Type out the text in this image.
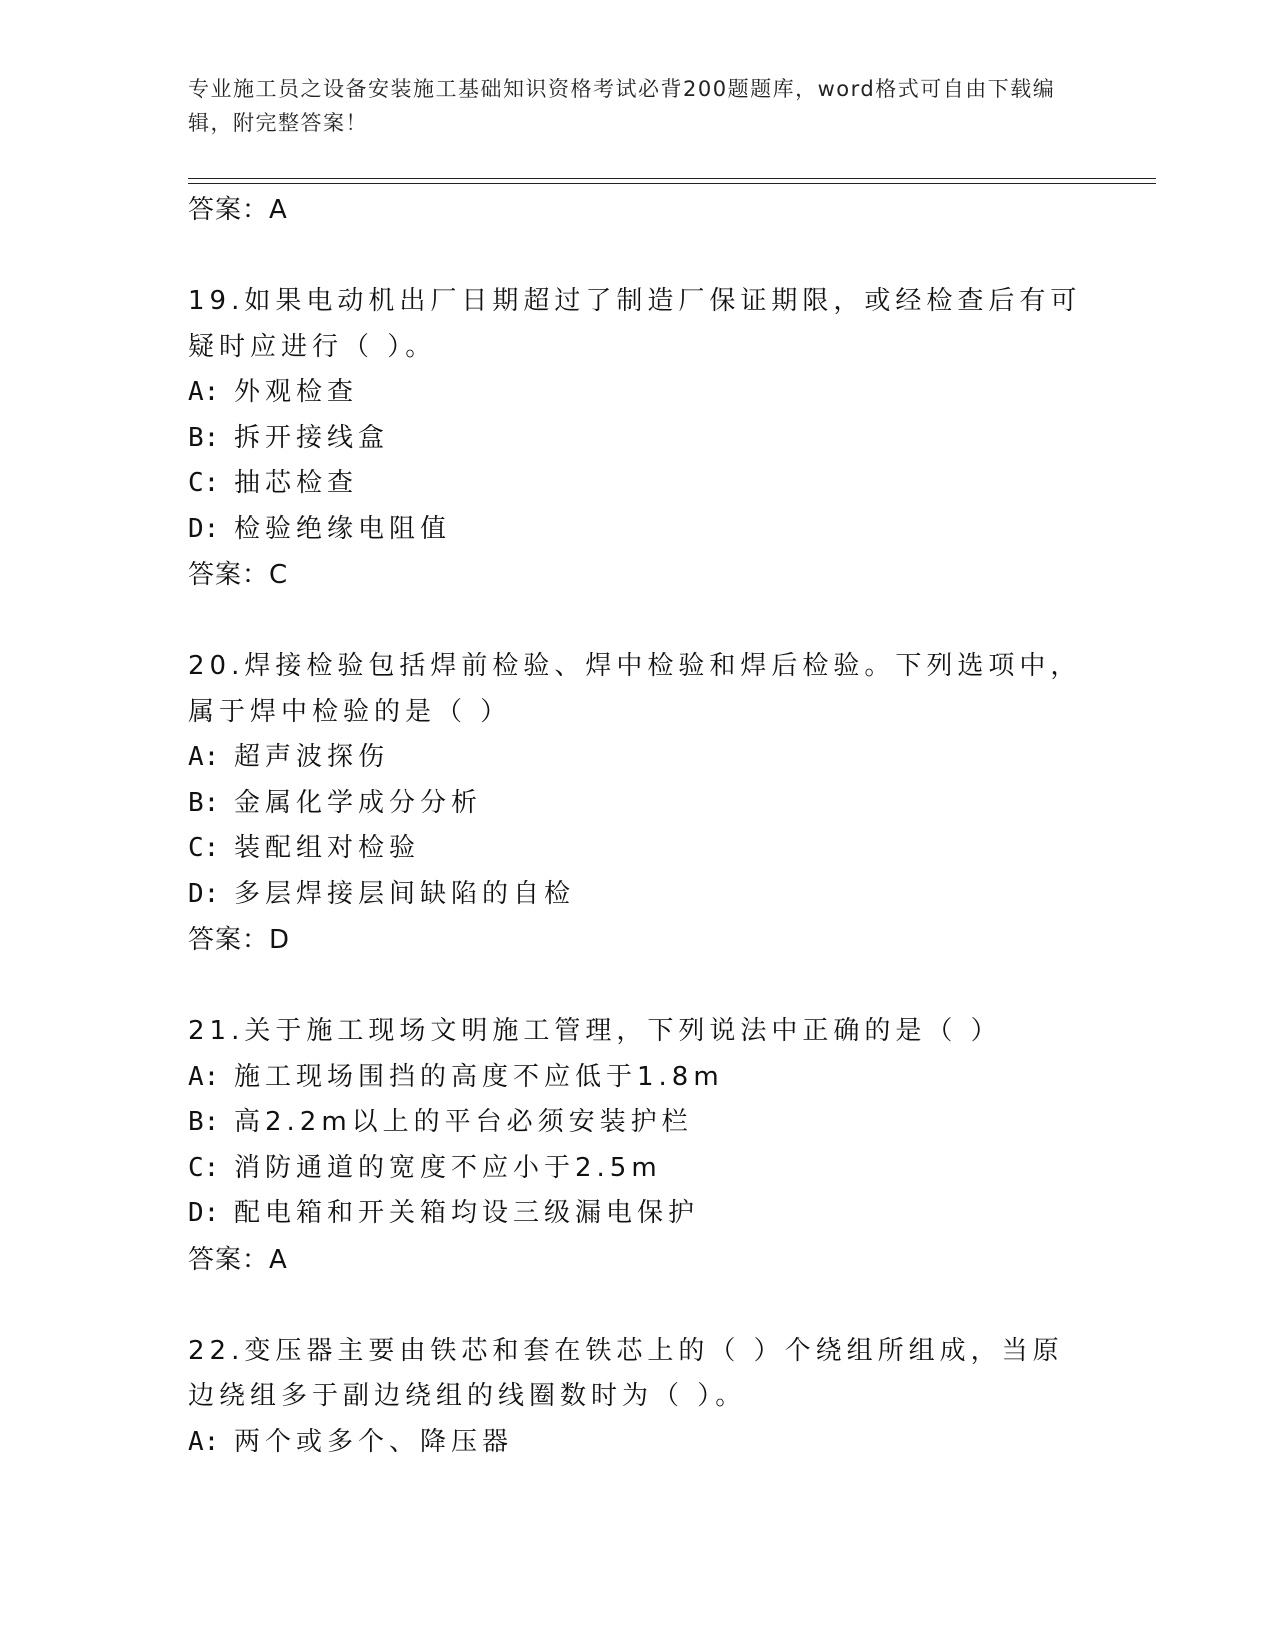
专业施工员之设备安装施工基础知识资格考试必背200题题库，word格式可自由下载编辑，附完整答案！
答案：A
19.如果电动机出厂日期超过了制造厂保证期限，或经检查后有可疑时应进行（ ）。
A: 外观检查
B: 拆开接线盒
C: 抽芯检查
D: 检验绝缘电阻值
答案：C
20.焊接检验包括焊前检验、焊中检验和焊后检验。下列选项中，属于焊中检验的是（ ）
A: 超声波探伤
B: 金属化学成分分析
C: 装配组对检验
D: 多层焊接层间缺陷的自检
答案：D
21.关于施工现场文明施工管理，下列说法中正确的是（ ）
A: 施工现场围挡的高度不应低于1.8m
B: 高2.2m以上的平台必须安装护栏
C: 消防通道的宽度不应小于2.5m
D: 配电箱和开关箱均设三级漏电保护
答案：A
22.变压器主要由铁芯和套在铁芯上的（ ）个绕组所组成，当原边绕组多于副边绕组的线圈数时为（ ）。
A: 两个或多个、降压器
